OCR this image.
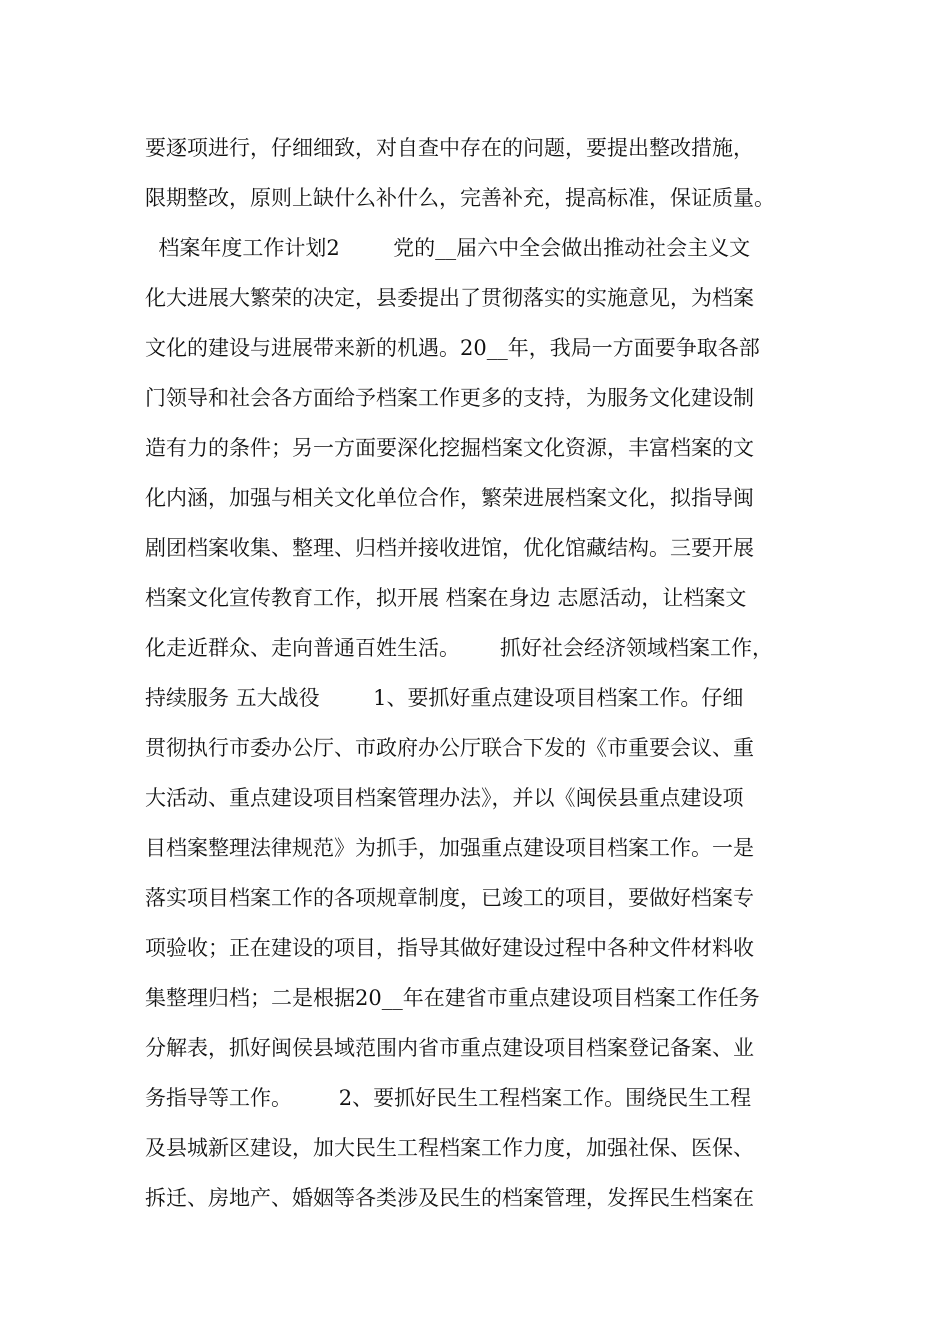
要逐项进行，仔细细致，对自查中存在的问题，要提出整改措施，
限期整改，原则上缺什么补什么，完善补充，提高标准，保证质量。
档案年度工作计划2        党的__届六中全会做出推动社会主义文
化大进展大繁荣的决定，县委提出了贯彻落实的实施意见，为档案
文化的建设与进展带来新的机遇。20__年，我局一方面要争取各部
门领导和社会各方面给予档案工作更多的支持，为服务文化建设制
造有力的条件；另一方面要深化挖掘档案文化资源，丰富档案的文
化内涵，加强与相关文化单位合作，繁荣进展档案文化，拟指导闽
剧团档案收集、整理、归档并接收进馆，优化馆藏结构。三要开展
档案文化宣传教育工作，拟开展 档案在身边 志愿活动，让档案文
化走近群众、走向普通百姓生活。      抓好社会经济领域档案工作，
持续服务 五大战役        1、要抓好重点建设项目档案工作。仔细
贯彻执行市委办公厅、市政府办公厅联合下发的《市重要会议、重
大活动、重点建设项目档案管理办法》，并以《闽侯县重点建设项
目档案整理法律规范》为抓手，加强重点建设项目档案工作。一是
落实项目档案工作的各项规章制度，已竣工的项目，要做好档案专
项验收；正在建设的项目，指导其做好建设过程中各种文件材料收
集整理归档；二是根据20__年在建省市重点建设项目档案工作任务
分解表，抓好闽侯县域范围内省市重点建设项目档案登记备案、业
务指导等工作。       2、要抓好民生工程档案工作。围绕民生工程
及县城新区建设，加大民生工程档案工作力度，加强社保、医保、
拆迁、房地产、婚姻等各类涉及民生的档案管理，发挥民生档案在
